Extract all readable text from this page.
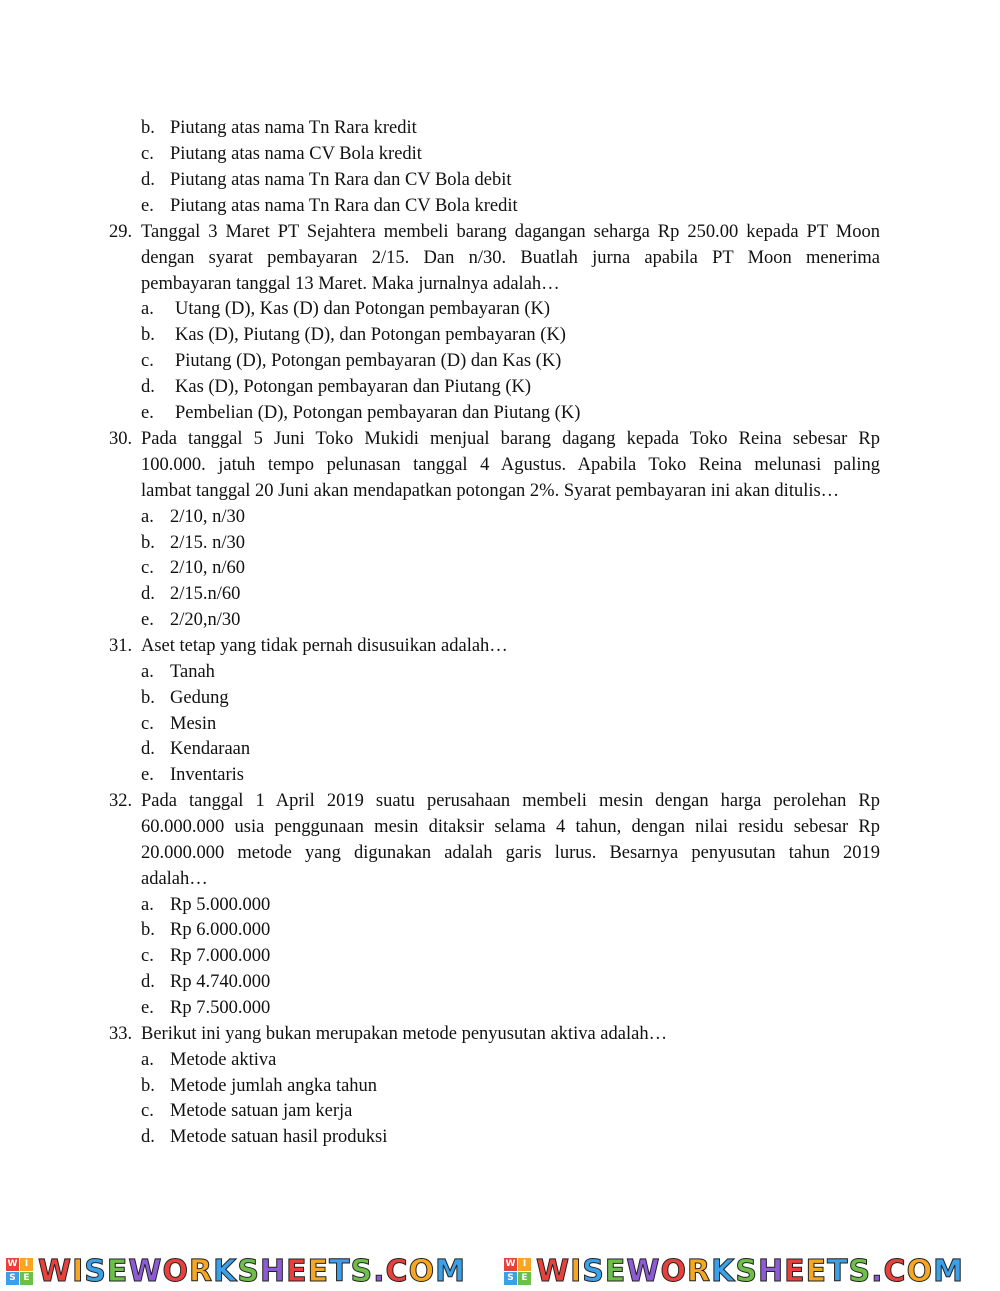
b. Piutang atas nama Tn Rara kredit
c. Piutang atas nama CV Bola kredit
d. Piutang atas nama Tn Rara dan CV Bola debit
e. Piutang atas nama Tn Rara dan CV Bola kredit
29. Tanggal 3 Maret PT Sejahtera membeli barang dagangan seharga Rp 250.00 kepada PT Moon
dengan syarat pembayaran 2/15. Dan n/30. Buatlah jurna apabila PT Moon menerima
pembayaran tanggal 13 Maret. Maka jurnalnya adalah…
a. Utang (D), Kas (D) dan Potongan pembayaran (K)
b. Kas (D), Piutang (D), dan Potongan pembayaran (K)
c. Piutang (D), Potongan pembayaran (D) dan Kas (K)
d. Kas (D), Potongan pembayaran dan Piutang (K)
e. Pembelian (D), Potongan pembayaran dan Piutang (K)
30. Pada tanggal 5 Juni Toko Mukidi menjual barang dagang kepada Toko Reina sebesar Rp
100.000. jatuh tempo pelunasan tanggal 4 Agustus. Apabila Toko Reina melunasi paling
lambat tanggal 20 Juni akan mendapatkan potongan 2%. Syarat pembayaran ini akan ditulis…
a. 2/10, n/30
b. 2/15. n/30
c. 2/10, n/60
d. 2/15.n/60
e. 2/20,n/30
31. Aset tetap yang tidak pernah disusuikan adalah…
a. Tanah
b. Gedung
c. Mesin
d. Kendaraan
e. Inventaris
32. Pada tanggal 1 April 2019 suatu perusahaan membeli mesin dengan harga perolehan Rp
60.000.000 usia penggunaan mesin ditaksir selama 4 tahun, dengan nilai residu sebesar Rp
20.000.000 metode yang digunakan adalah garis lurus. Besarnya penyusutan tahun 2019
adalah…
a. Rp 5.000.000
b. Rp 6.000.000
c. Rp 7.000.000
d. Rp 4.740.000
e. Rp 7.500.000
33. Berikut ini yang bukan merupakan metode penyusutan aktiva adalah…
a. Metode aktiva
b. Metode jumlah angka tahun
c. Metode satuan jam kerja
d. Metode satuan hasil produksi
W I
S E WISEWORKSHEETS.COM	W I
S E WISEWORKSHEETS.COM
